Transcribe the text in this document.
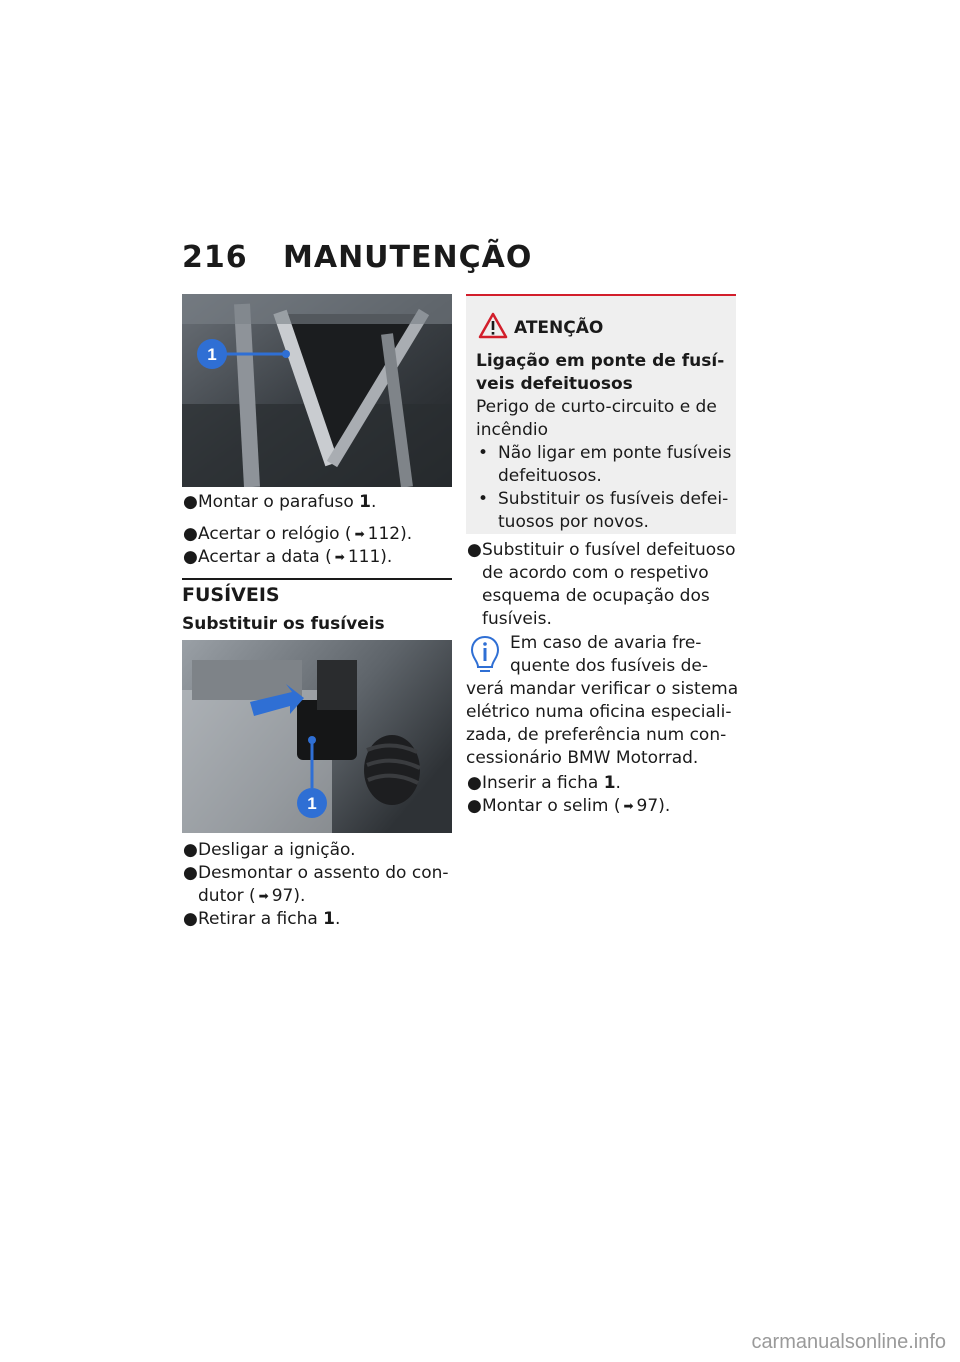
216 MANUTENÇÃO
1

● Montar o parafuso 1.

● Acertar o relógio ( ➡ 112).

● Acertar a data ( ➡ 111).

FUSÍVEIS
Substituir os fusíveis
1

● Desligar a ignição.

● Desmontar o assento do con-
dutor ( ➡ 97).

● Retirar a ficha 1.

ATENÇÃO
Ligação em ponte de fusí-
veis defeituosos
Perigo de curto-circuito e de
incêndio
• Não ligar em ponte fusíveis
defeituosos.
• Substituir os fusíveis defei-
tuosos por novos.

● Substituir o fusível defeituoso
de acordo com o respetivo
esquema de ocupação dos
fusíveis.

Em caso de avaria fre-
quente dos fusíveis de-
verá mandar verificar o sistema
elétrico numa oficina especiali-
zada, de preferência num con-
cessionário BMW Motorrad.

● Inserir a ficha 1.

● Montar o selim ( ➡ 97).

carmanualsonline.info
